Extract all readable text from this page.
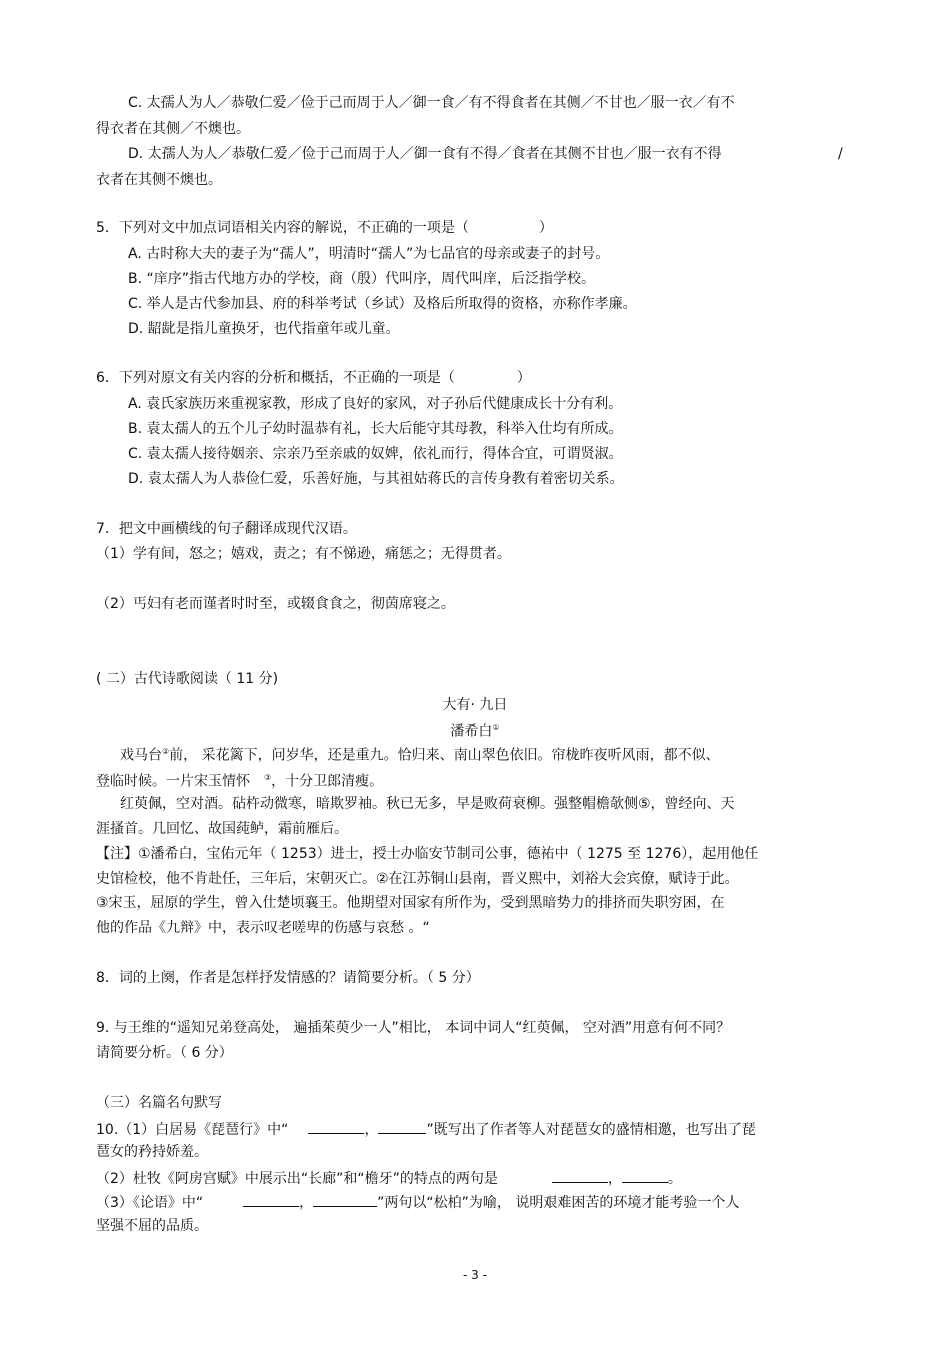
C. 太孺人为人／恭敬仁爱／俭于己而周于人／御一食／有不得食者在其侧／不甘也／服一衣／有不
得衣者在其侧／不燠也。
D. 太孺人为人／恭敬仁爱／俭于己而周于人／御一食有不得／食者在其侧不甘也／服一衣有不得	/
衣者在其侧不燠也。
5．下列对文中加点词语相关内容的解说，不正确的一项是（	）
A. 古时称大夫的妻子为“孺人”，明清时“孺人”为七品官的母亲或妻子的封号。
B. “庠序”指古代地方办的学校，商（殷）代叫序，周代叫庠，后泛指学校。
C. 举人是古代参加县、府的科举考试（乡试）及格后所取得的资格，亦称作孝廉。
D. 龆龀是指儿童换牙，也代指童年或儿童。
6．下列对原文有关内容的分析和概括，不正确的一项是（	）
A. 袁氏家族历来重视家教，形成了良好的家风，对子孙后代健康成长十分有利。
B. 袁太孺人的五个儿子幼时温恭有礼，长大后能守其母教，科举入仕均有所成。
C. 袁太孺人接待姻亲、宗亲乃至亲戚的奴婢，依礼而行，得体合宜，可谓贤淑。
D. 袁太孺人为人恭俭仁爱，乐善好施，与其祖姑蒋氏的言传身教有着密切关系。
7．把文中画横线的句子翻译成现代汉语。
（1）学有间，怒之；嬉戏，责之；有不悌逊，痛惩之；无得贯者。
（2）丐妇有老而谨者时时至，或辍食食之，彻茵席寝之。
( 二）古代诗歌阅读（ 11 分)
大有· 九日
潘希白①
戏马台②前， 采花篱下，问岁华，还是重九。恰归来、南山翠色依旧。帘栊昨夜听风雨，都不似、
登临时候。一片宋玉情怀 ③，十分卫郎清瘦。
红萸佩，空对酒。砧杵动微寒，暗欺罗袖。秋已无多，早是败荷衰柳。强整帽檐欹侧⑤，曾经向、天
涯搔首。几回忆、故国莼鲈，霜前雁后。
【注】①潘希白，宝佑元年（ 1253）进士，授士办临安节制司公事，德祐中（ 1275 至 1276），起用他任
史馆检校，他不肯赴任，三年后，宋朝灭亡。②在江苏铜山县南，晋义熙中，刘裕大会宾僚，赋诗于此。
③宋玉，屈原的学生，曾入仕楚顷襄王。他期望对国家有所作为，受到黑暗势力的排挤而失职穷困，在
他的作品《九辩》中，表示叹老嗟卑的伤感与哀愁 。“
8．词的上阕，作者是怎样抒发情感的？请简要分析。（ 5 分）
9. 与王维的“遥知兄弟登高处， 遍插茱萸少一人”相比， 本词中词人“红萸佩， 空对酒”用意有何不同？
请简要分析。（ 6 分）
（三）名篇名句默写
10.（1）白居易《琵琶行》中“	，	”既写出了作者等人对琵琶女的盛情相邀，也写出了琵
琶女的矜持娇羞。
（2）杜牧《阿房宫赋》中展示出“长廊”和“檐牙”的特点的两句是	，	。
（3）《论语》中“	，	”两句以“松柏”为喻， 说明艰难困苦的环境才能考验一个人
坚强不屈的品质。
- 3 -
